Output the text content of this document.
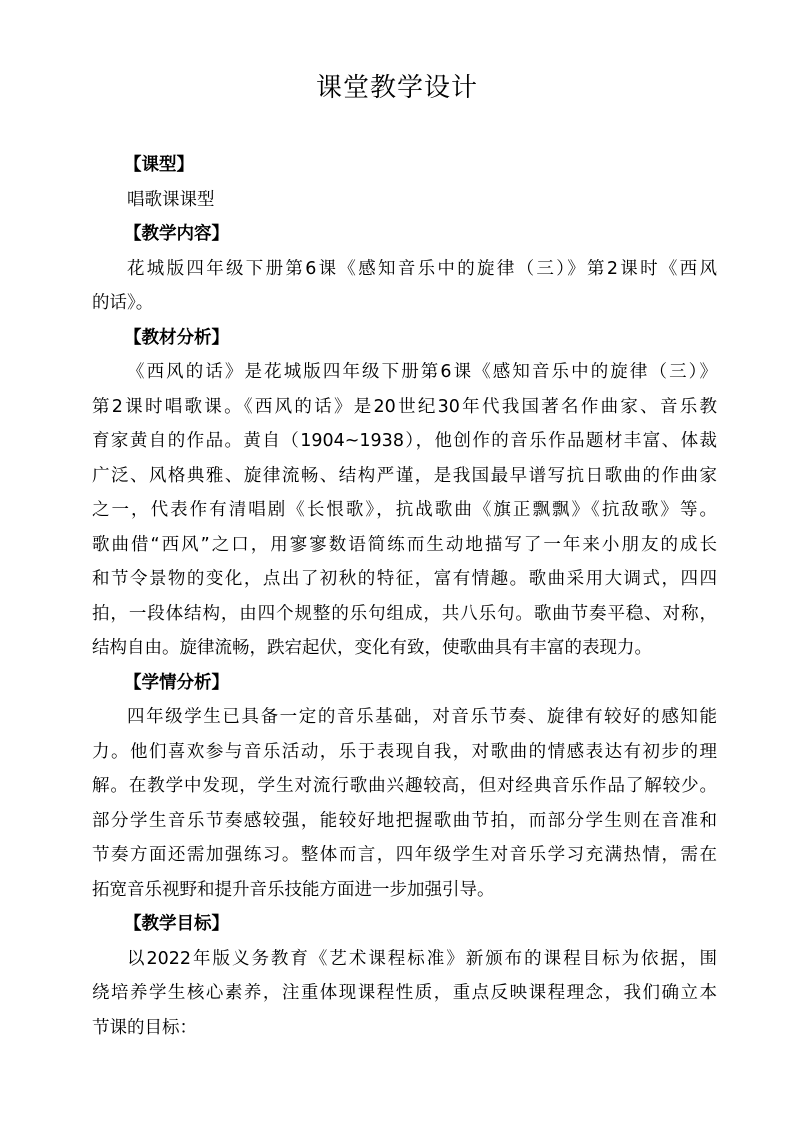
课堂教学设计
【课型】
唱歌课课型
【教学内容】
花城版四年级下册第6课《感知音乐中的旋律（三）》第2课时《西风
的话》。
【教材分析】
《西风的话》是花城版四年级下册第6课《感知音乐中的旋律（三）》
第2课时唱歌课。《西风的话》是20世纪30年代我国著名作曲家、音乐教
育家黄自的作品。黄自（1904~1938），他创作的音乐作品题材丰富、体裁
广泛、风格典雅、旋律流畅、结构严谨，是我国最早谱写抗日歌曲的作曲家
之一，代表作有清唱剧《长恨歌》，抗战歌曲《旗正飘飘》《抗敌歌》等。
歌曲借“西风”之口，用寥寥数语简练而生动地描写了一年来小朋友的成长
和节令景物的变化，点出了初秋的特征，富有情趣。歌曲采用大调式，四四
拍，一段体结构，由四个规整的乐句组成，共八乐句。歌曲节奏平稳、对称，
结构自由。旋律流畅，跌宕起伏，变化有致，使歌曲具有丰富的表现力。
【学情分析】
四年级学生已具备一定的音乐基础，对音乐节奏、旋律有较好的感知能
力。他们喜欢参与音乐活动，乐于表现自我，对歌曲的情感表达有初步的理
解。在教学中发现，学生对流行歌曲兴趣较高，但对经典音乐作品了解较少。
部分学生音乐节奏感较强，能较好地把握歌曲节拍，而部分学生则在音准和
节奏方面还需加强练习。整体而言，四年级学生对音乐学习充满热情，需在
拓宽音乐视野和提升音乐技能方面进一步加强引导。
【教学目标】
以2022年版义务教育《艺术课程标准》新颁布的课程目标为依据，围
绕培养学生核心素养，注重体现课程性质，重点反映课程理念，我们确立本
节课的目标：
